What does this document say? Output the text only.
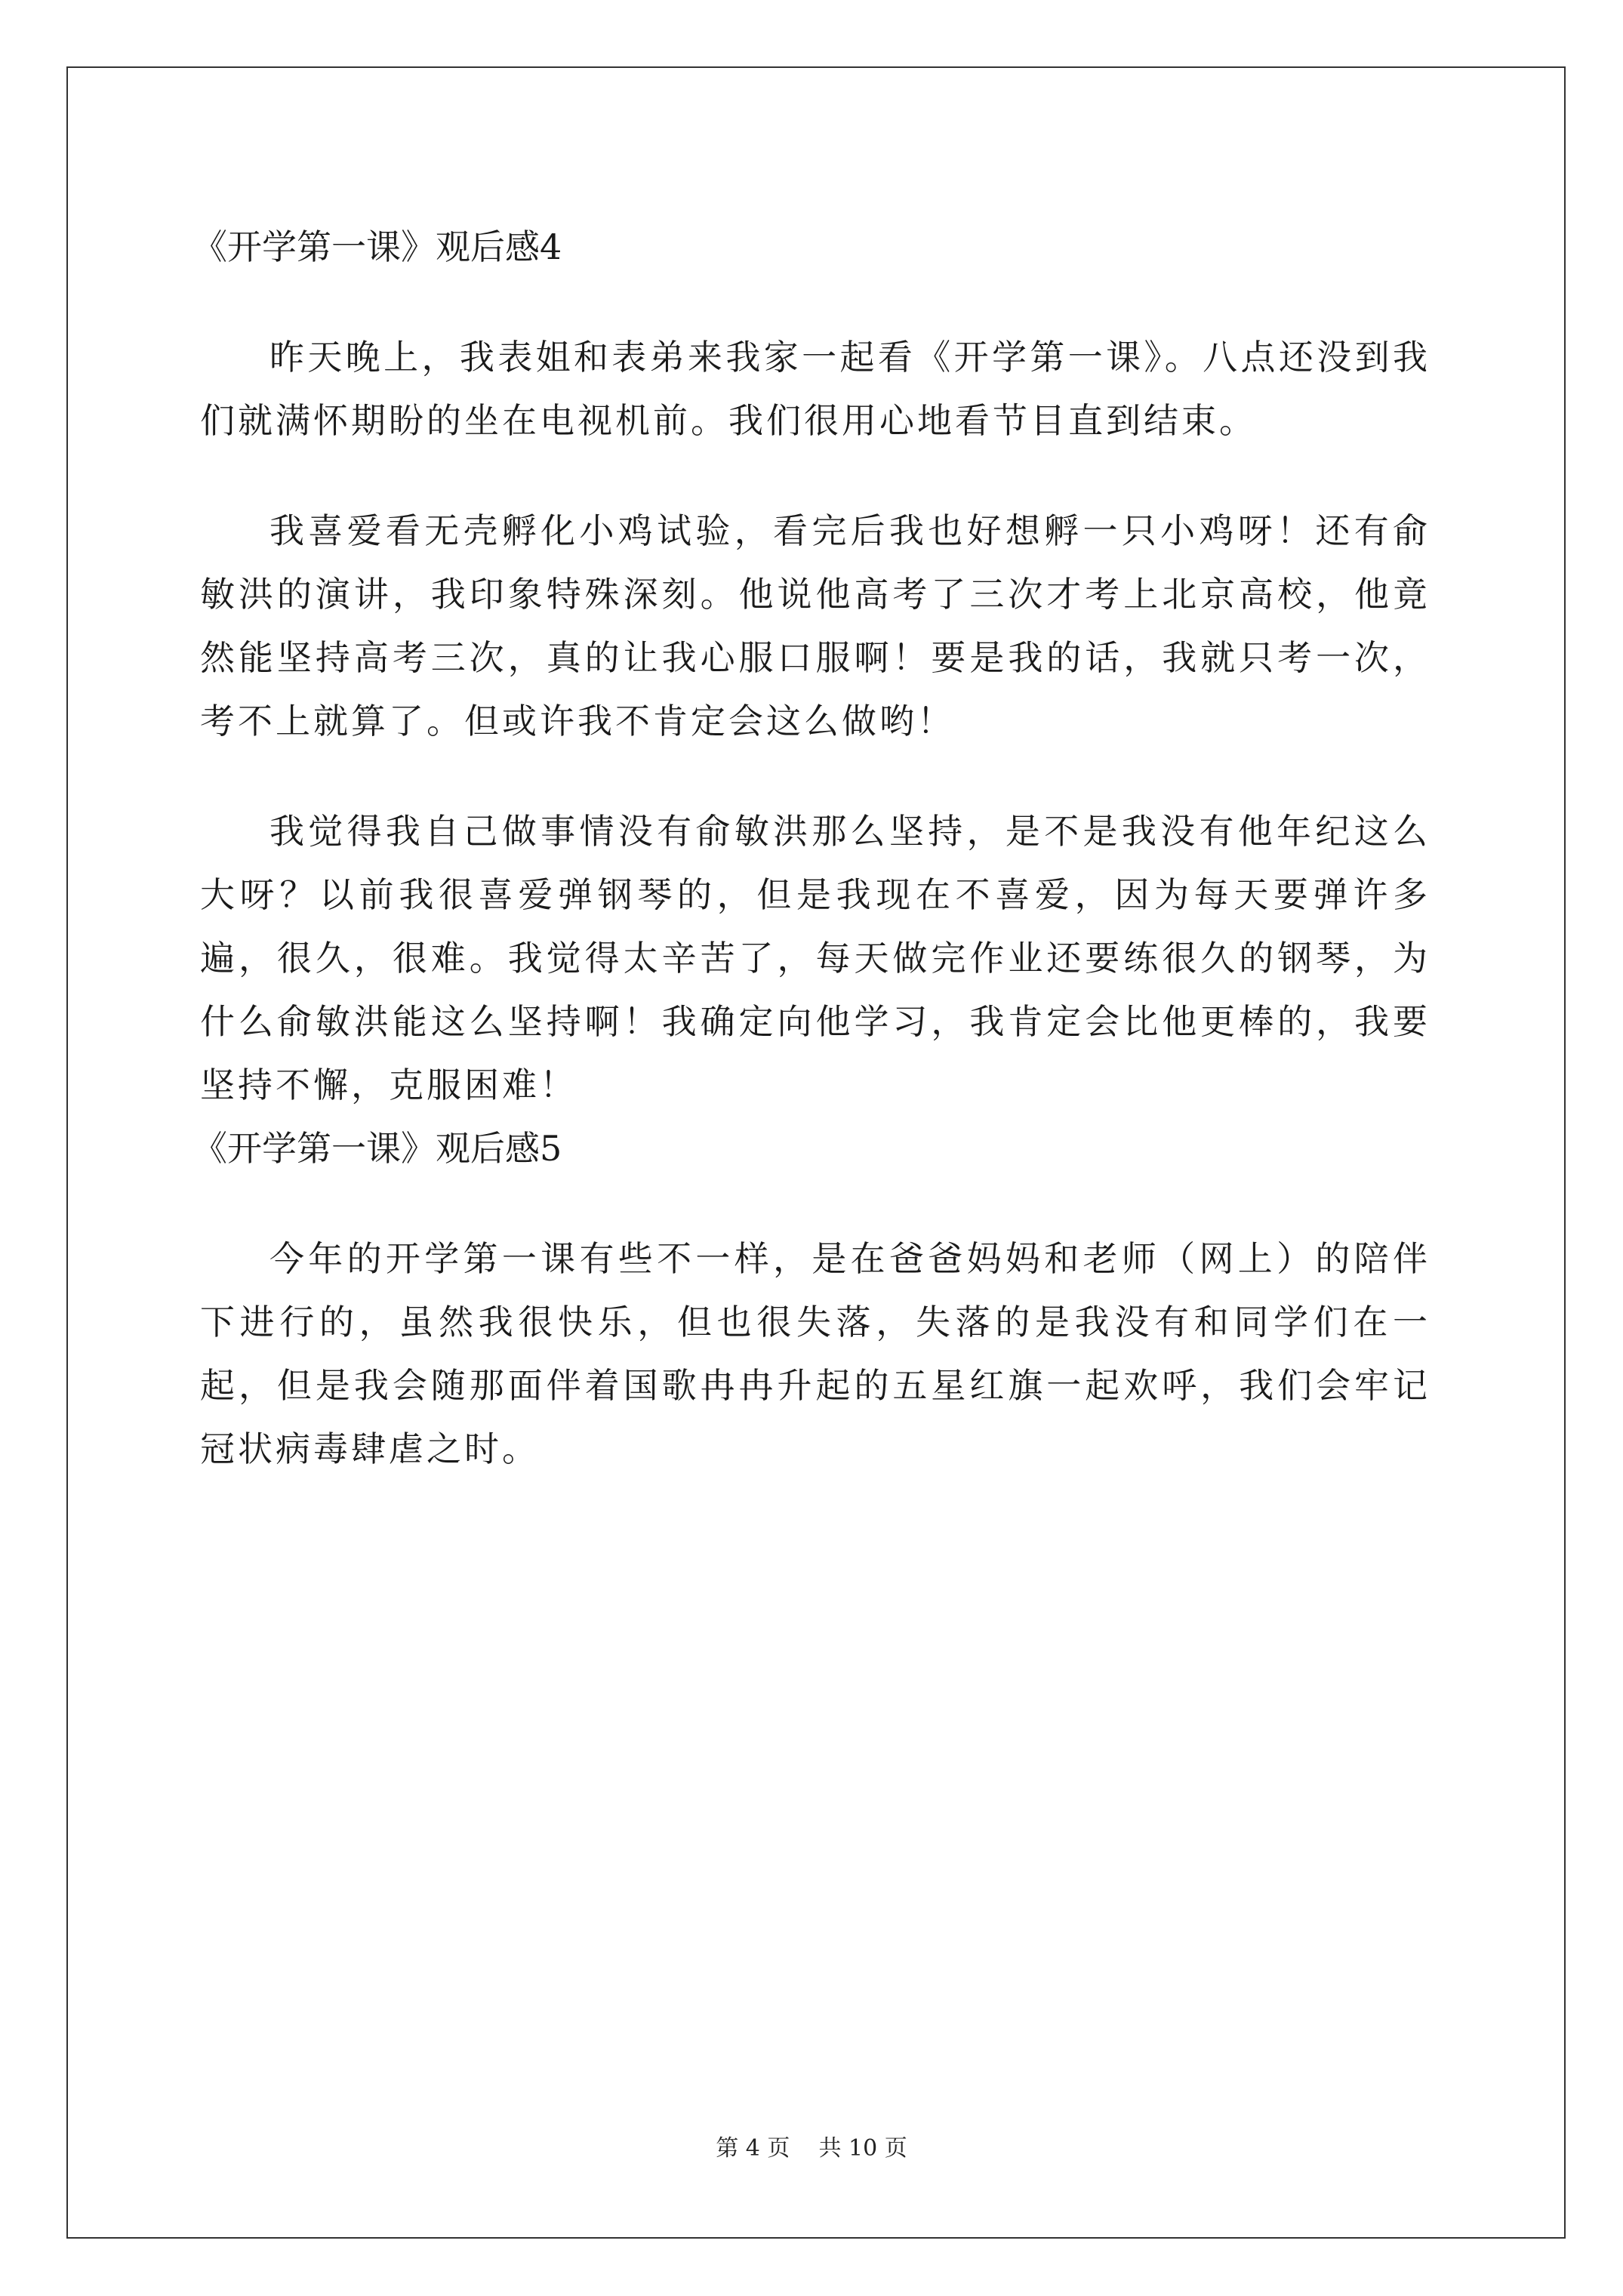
《开学第一课》观后感4

昨天晚上，我表姐和表弟来我家一起看《开学第一课》。八点还没到我们就满怀期盼的坐在电视机前。我们很用心地看节目直到结束。

我喜爱看无壳孵化小鸡试验，看完后我也好想孵一只小鸡呀！还有俞敏洪的演讲，我印象特殊深刻。他说他高考了三次才考上北京高校，他竟然能坚持高考三次，真的让我心服口服啊！要是我的话，我就只考一次，考不上就算了。但或许我不肯定会这么做哟！

我觉得我自己做事情没有俞敏洪那么坚持，是不是我没有他年纪这么大呀？以前我很喜爱弹钢琴的，但是我现在不喜爱，因为每天要弹许多遍，很久，很难。我觉得太辛苦了，每天做完作业还要练很久的钢琴，为什么俞敏洪能这么坚持啊！我确定向他学习，我肯定会比他更棒的，我要坚持不懈，克服困难！

《开学第一课》观后感5

今年的开学第一课有些不一样，是在爸爸妈妈和老师（网上）的陪伴下进行的，虽然我很快乐，但也很失落，失落的是我没有和同学们在一起，但是我会随那面伴着国歌冉冉升起的五星红旗一起欢呼，我们会牢记冠状病毒肆虐之时。

第 4 页    共 10 页
